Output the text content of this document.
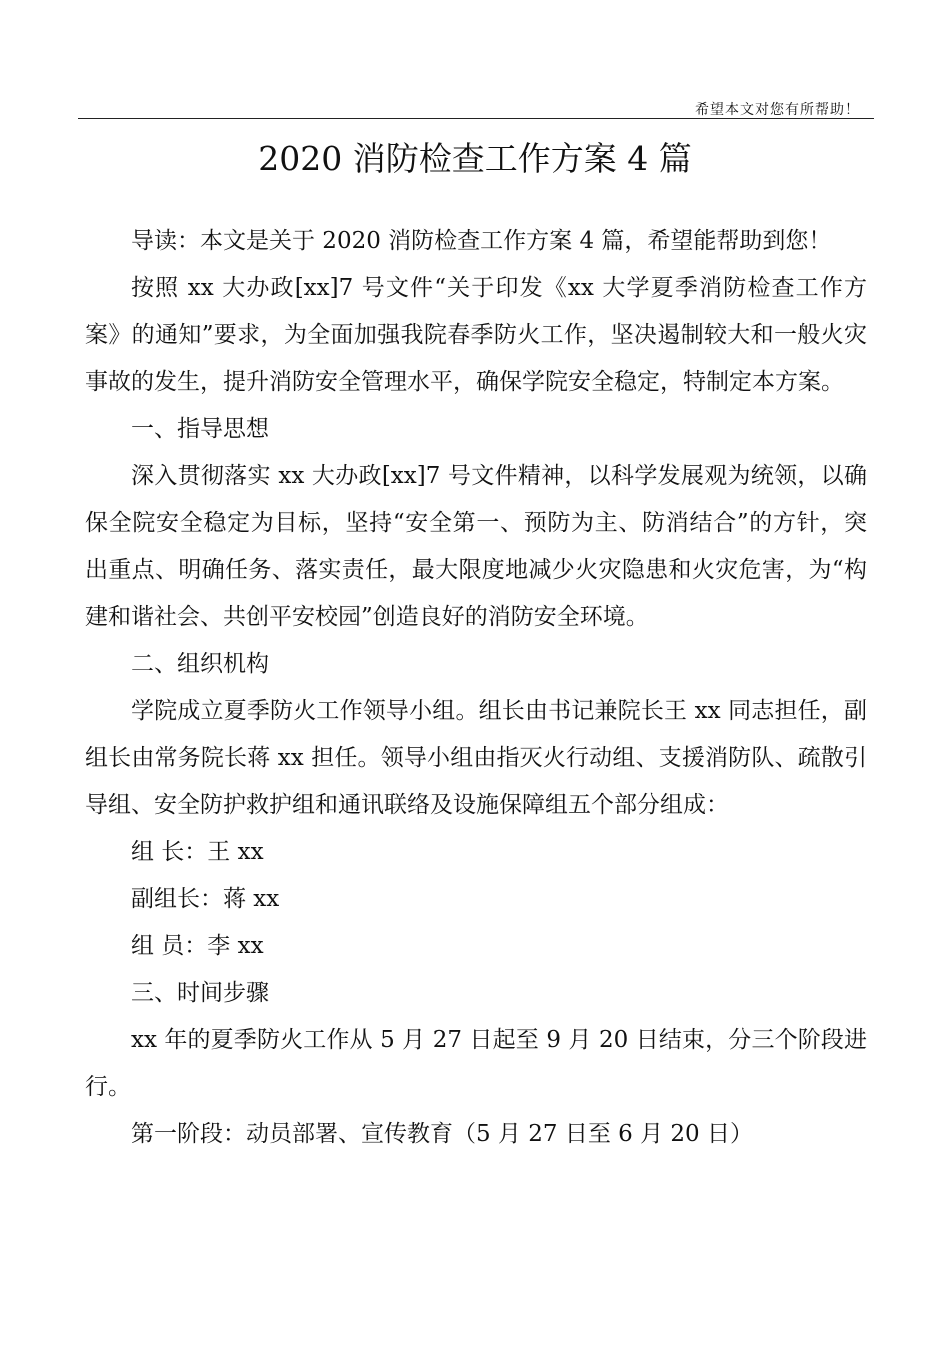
希望本文对您有所帮助！
2020 消防检查工作方案 4 篇

导读：本文是关于 2020 消防检查工作方案 4 篇，希望能帮助到您！

按照 xx 大办政[xx]7 号文件“关于印发《xx 大学夏季消防检查工作方案》的通知”要求，为全面加强我院春季防火工作，坚决遏制较大和一般火灾事故的发生，提升消防安全管理水平，确保学院安全稳定，特制定本方案。

一、指导思想

深入贯彻落实 xx 大办政[xx]7 号文件精神，以科学发展观为统领，以确保全院安全稳定为目标，坚持“安全第一、预防为主、防消结合”的方针，突出重点、明确任务、落实责任，最大限度地减少火灾隐患和火灾危害，为“构建和谐社会、共创平安校园”创造良好的消防安全环境。

二、组织机构

学院成立夏季防火工作领导小组。组长由书记兼院长王 xx 同志担任，副组长由常务院长蒋 xx 担任。领导小组由指灭火行动组、支援消防队、疏散引导组、安全防护救护组和通讯联络及设施保障组五个部分组成：

组 长：王 xx

副组长：蒋 xx

组 员：李 xx

三、时间步骤

xx 年的夏季防火工作从 5 月 27 日起至 9 月 20 日结束，分三个阶段进行。

第一阶段：动员部署、宣传教育（5 月 27 日至 6 月 20 日）
